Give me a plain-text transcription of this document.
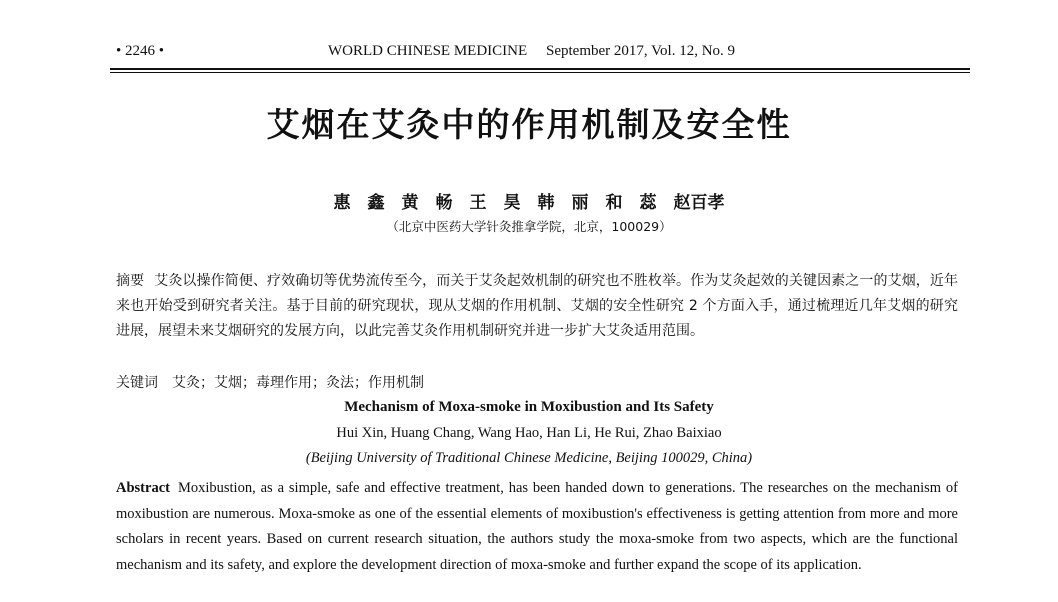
• 2246 •	WORLD CHINESE MEDICINE September 2017, Vol. 12, No. 9
艾烟在艾灸中的作用机制及安全性
惠　鑫　黄　畅　王　昊　韩　丽　和　蕊　赵百孝
（北京中医药大学针灸推拿学院，北京，100029）
摘要 艾灸以操作简便、疗效确切等优势流传至今，而关于艾灸起效机制的研究也不胜枚举。作为艾灸起效的关键因素之一的艾烟，近年来也开始受到研究者关注。基于目前的研究现状，现从艾烟的作用机制、艾烟的安全性研究 2 个方面入手，通过梳理近几年艾烟的研究进展，展望未来艾烟研究的发展方向，以此完善艾灸作用机制研究并进一步扩大艾灸适用范围。
关键词 艾灸；艾烟；毒理作用；灸法；作用机制
Mechanism of Moxa-smoke in Moxibustion and Its Safety
Hui Xin, Huang Chang, Wang Hao, Han Li, He Rui, Zhao Baixiao
(Beijing University of Traditional Chinese Medicine, Beijing 100029, China)
Abstract Moxibustion, as a simple, safe and effective treatment, has been handed down to generations. The researches on the mechanism of moxibustion are numerous. Moxa-smoke as one of the essential elements of moxibustion's effectiveness is getting attention from more and more scholars in recent years. Based on current research situation, the authors study the moxa-smoke from two aspects, which are the functional mechanism and its safety, and explore the development direction of moxa-smoke and further expand the scope of its application.
